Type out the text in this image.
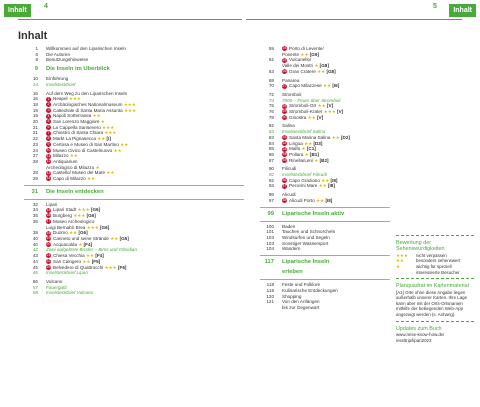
Inhalt
4	5
Inhalt
Inhalt
1	Willkommen auf den Liparischen Inseln
6	Die Autoren
8	Benutzungshinweise
9	Die Inseln im Überblick
10	Einführung
14	Inselsteckbrief
16	Auf dem Weg zu den Liparischen Inseln
16	1 Neapel ★★★
18	2 Archäologisches Nationalmuseum ★★★
19	3 Cattedrale di Santa Maria Assunta ★★★
19	4 Napoli Sotterranea ★★
20	5 San Lorenzo Maggiore ★
21	6 La Cappella Sansevero ★★★
21	7 Chiostro di Santa Chiara ★★★
22	8 Markt La Pignasecca ★★ [I]
23	9 Certosa e Museo di San Martino ★★
24	10 Museo Civico di Castelnuovo ★★
27	11 Milazzo ★★
28	12 Antiquarium
Archeologico di Milazzo ★
28	13 Castello/ Museo del Mare ★★
29	14 Capo di Milazzo ★★
31	Die Inseln entdecken
32	Lipari
34	15 Lipari Stadt ★★★ [G6]
35	16 Burgberg ★★★ [G6]
36	17 Museo Archeologico
Luigi Bernabò Brea ★★★ [G6]
38	18 Duomo ★★ [G6]
40	19 Canneto und seine Strände ★★ [G5]
40	20 Acquacalda ★ [F4]
42	Zwei aufgelöste Brüder – Bims und Obsidian
43	21 Chiesa Vecchia ★★ [F4]
44	22 San Calogero ★★ [F5]
45	23 Belvedere di Quattrocchi ★★★ [F6]
46	Inselsteckbrief Lipari
56	Vulcano
57	Fauergatti
58	Inselsteckbrief Vulcano
59	24 Porto di Levente/
Ponente ★★ [G9]
62	25 Vulcanello/
Valle dei Mostri ★ [G8]
63	26 Gran Cratere ★★ [G8]
68	Panarea
70	27 Capo Milazzese ★★ [I6]
72	Stromboli
74	7000 – Feuer über Stromboli
75	28 Stromboli-Ort ★★ [V]
76	29 Stromboli-Krater ★★★ [V]
78	30 Ginostra ★★ [V]
82	Salina
83	Inselsteckbrief Salina
83	31 Santa Marina Salina ★★ [D2]
84	32 Lingua ★★ [D3]
85	33 Malfa ★ [C1]
86	34 Pollara ★ [B1]
87	35 Rinella/Leni ★ [B2]
90	Filicudi
92	Inselsteckbrief Filicudi
92	36 Capo Graziano ★★ [I8]
93	37 Pecorini Mare ★★ [I8]
96	Alicudi
97	38 Alicudi Porto ★★ [I8]
99	Liparische Inseln aktiv
100	Baden
101	Tauchen und Schnorcheln
103	Windsurfen und Segeln
103	Sonstiger Wassersport
104	Wandern
117	Liparische Inseln
erleben
118	Feste und Folklore
118	Kulinarische Entdeckungen
120	Shopping
121	Von den Anfängen
bis zur Gegenwart
Bewertung der Sehenswürdigkeiten
★★★	nicht verpassen
★★	besonders sehenswert
★	wichtig für speziell interessierte Besucher
Planquadrat im Kartenmaterial
[A1] Orte ohne diese Angabe liegen außerhalb unserer Karten. Ihre Lage kann aber mit der Orts-Ortsnamen mithilfe der beiliegenden Web-App angezeigt werden (s. Anhang).
Updates zum Buch
www.reise-know-how.de/ inseltrip/lipari2023
